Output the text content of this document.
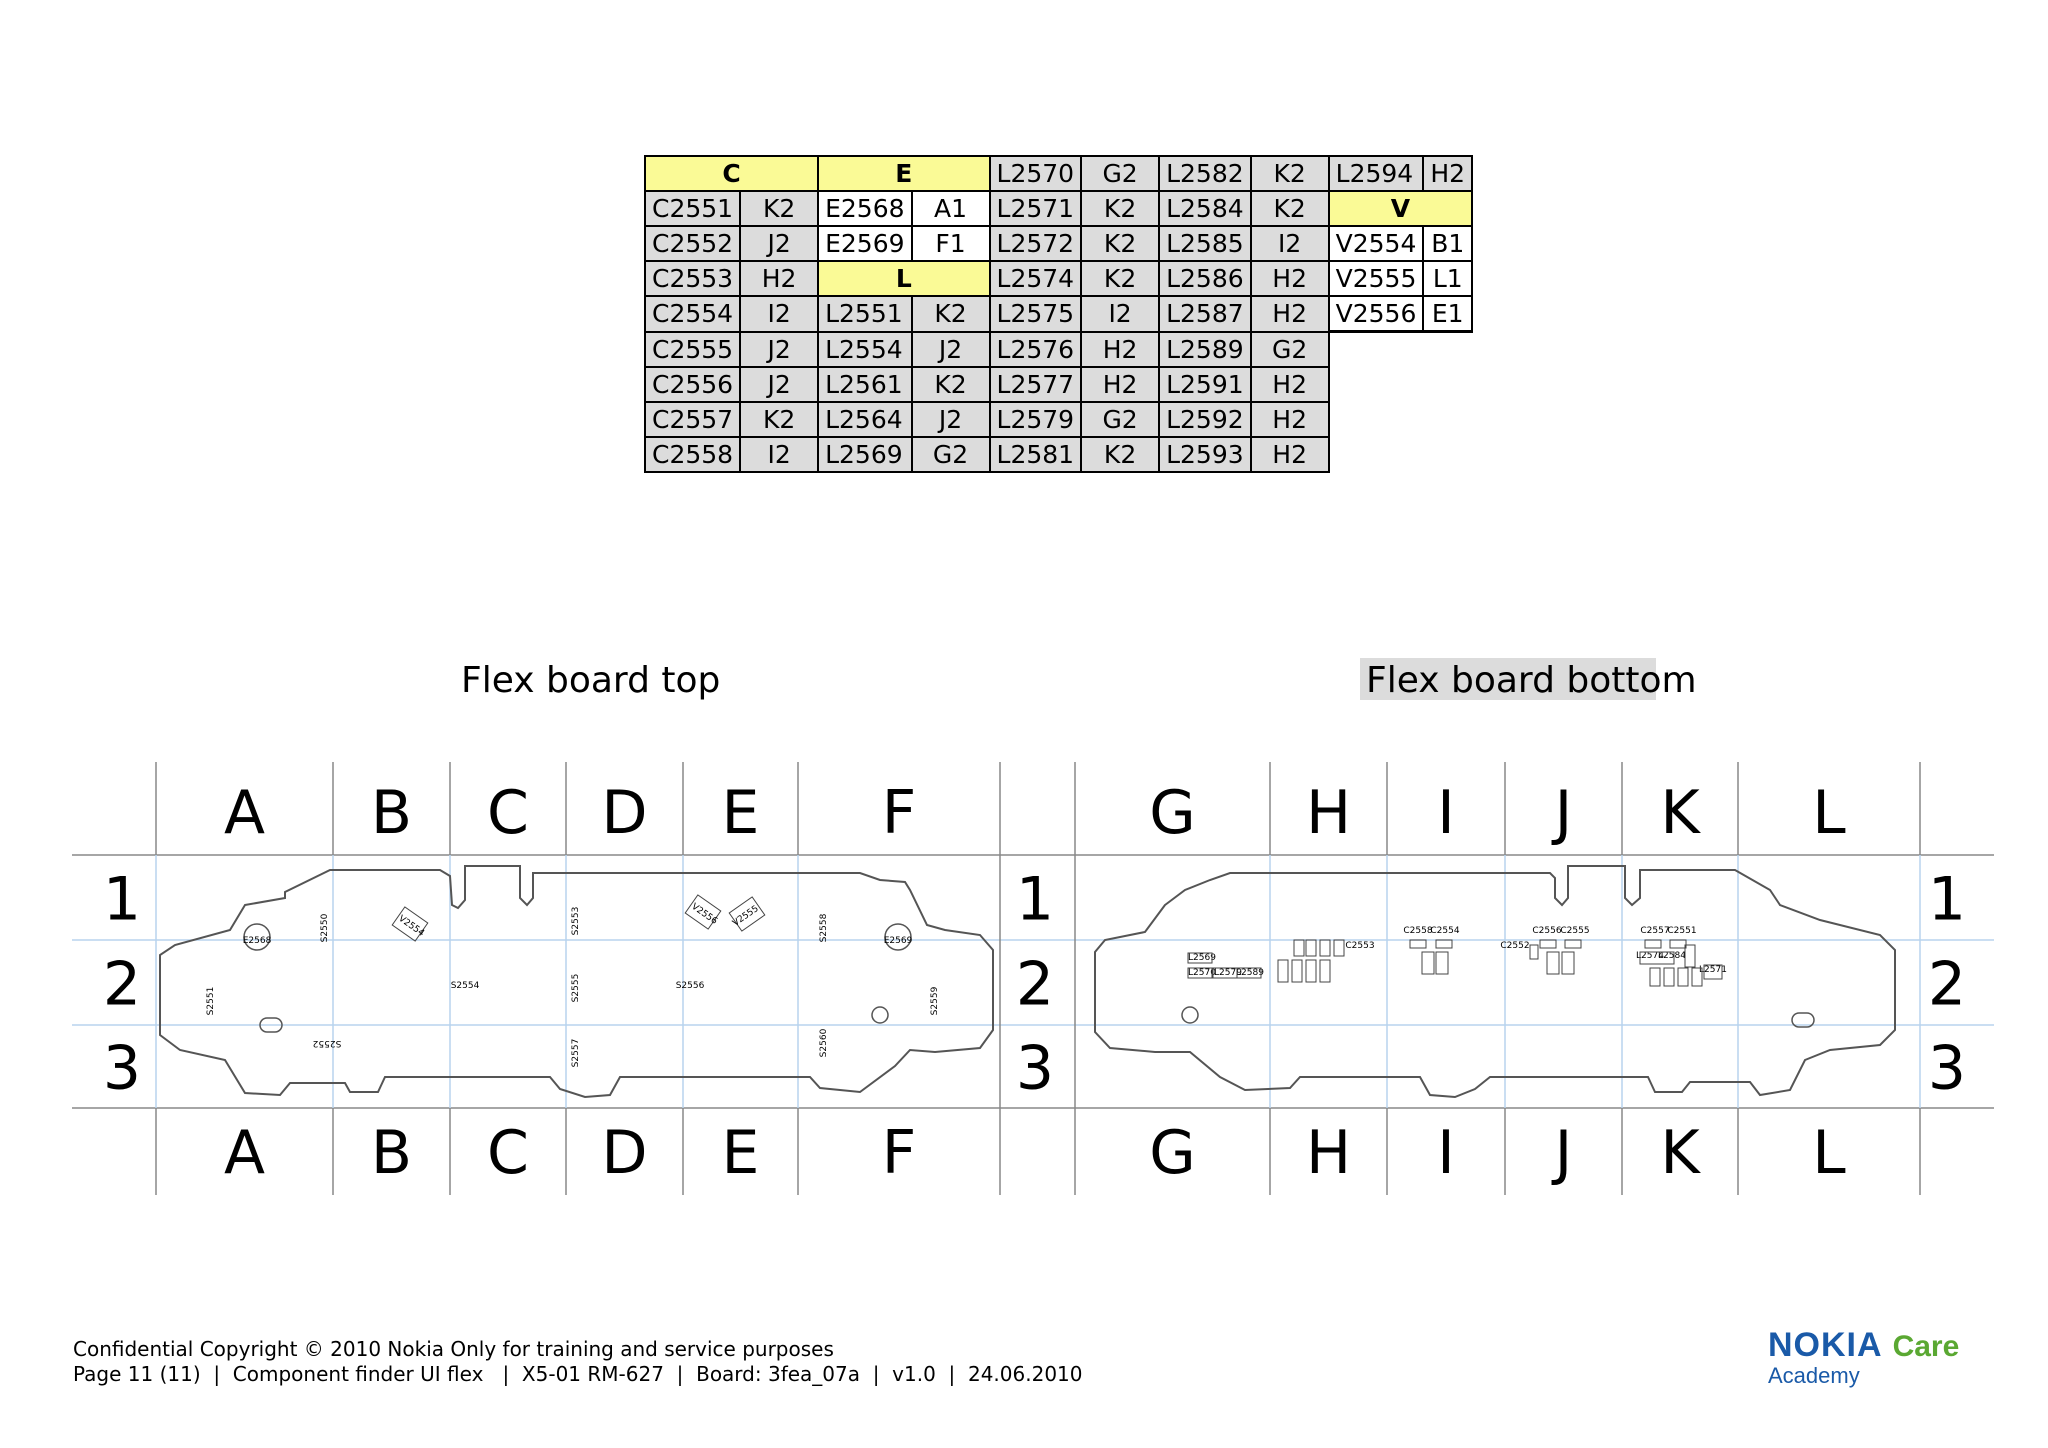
C		E		L2570	G2	L2582	K2	L2594	H2
C2551	K2	E2568	A1	L2571	K2	L2584	K2	V	
C2552	J2	E2569	F1	L2572	K2	L2585	I2	V2554	B1
C2553	H2	L		L2574	K2	L2586	H2	V2555	L1
C2554	I2	L2551	K2	L2575	I2	L2587	H2	V2556	E1
C2555	J2	L2554	J2	L2576	H2	L2589	G2		
C2556	J2	L2561	K2	L2577	H2	L2591	H2		
C2557	K2	L2564	J2	L2579	G2	L2592	H2		
C2558	I2	L2569	G2	L2581	K2	L2593	H2		
Flex board top	Flex board bottom
E2568	S2550	V2554	S2553	V2556 V2555	S2558	E2569
S2551
S2554	S2555	S2556
S2559
S2552	S2557	S2560
L2569
L2570
L2579
L2589
C2553
C2558
C2554
C2552
C2556
C2555	C2557
C2551
L2574
L2584
L2571
A
A
B
B
C
C
D
D
E
E
F
F
G
G
H
H
I
I
J
J
K
K
L
L
1	1	1
2	2	2
3	3	3
Confidential Copyright © 2010 Nokia Only for training and service purposes
Page 11 (11)  |  Component finder UI flex   |  X5-01 RM-627  |  Board: 3fea_07a  |  v1.0  |  24.06.2010
NOKIA Care
Academy
